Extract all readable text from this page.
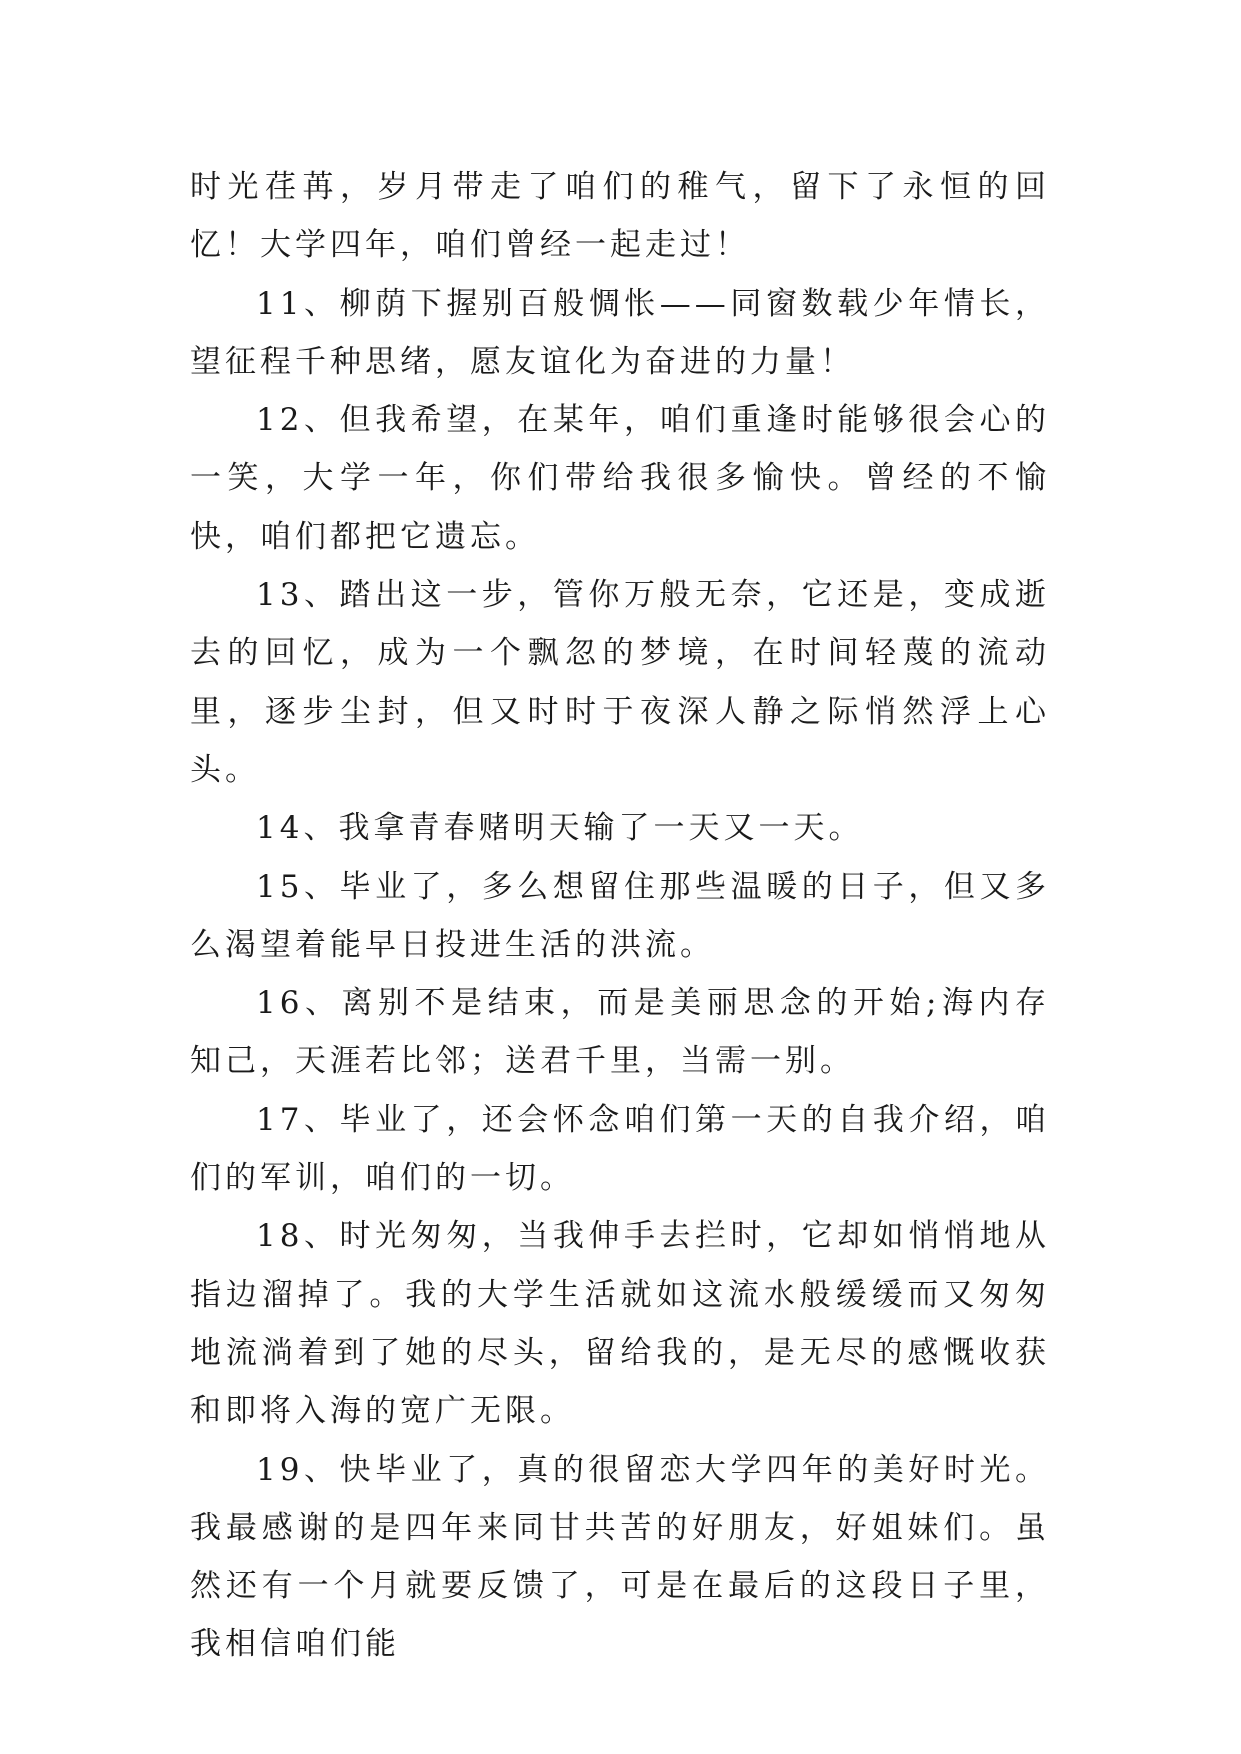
时光荏苒，岁月带走了咱们的稚气，留下了永恒的回忆！大学四年，咱们曾经一起走过！

11、柳荫下握别百般惆怅——同窗数载少年情长，望征程千种思绪，愿友谊化为奋进的力量！

12、但我希望，在某年，咱们重逢时能够很会心的一笑，大学一年，你们带给我很多愉快。曾经的不愉快，咱们都把它遗忘。

13、踏出这一步，管你万般无奈，它还是，变成逝去的回忆，成为一个飘忽的梦境，在时间轻蔑的流动里，逐步尘封，但又时时于夜深人静之际悄然浮上心头。

14、我拿青春赌明天输了一天又一天。

15、毕业了，多么想留住那些温暖的日子，但又多么渴望着能早日投进生活的洪流。

16、离别不是结束，而是美丽思念的开始;海内存知己，天涯若比邻；送君千里，当需一别。

17、毕业了，还会怀念咱们第一天的自我介绍，咱们的军训，咱们的一切。

18、时光匆匆，当我伸手去拦时，它却如悄悄地从指边溜掉了。我的大学生活就如这流水般缓缓而又匆匆地流淌着到了她的尽头，留给我的，是无尽的感慨收获和即将入海的宽广无限。

19、快毕业了，真的很留恋大学四年的美好时光。我最感谢的是四年来同甘共苦的好朋友，好姐妹们。虽然还有一个月就要反馈了，可是在最后的这段日子里，我相信咱们能
